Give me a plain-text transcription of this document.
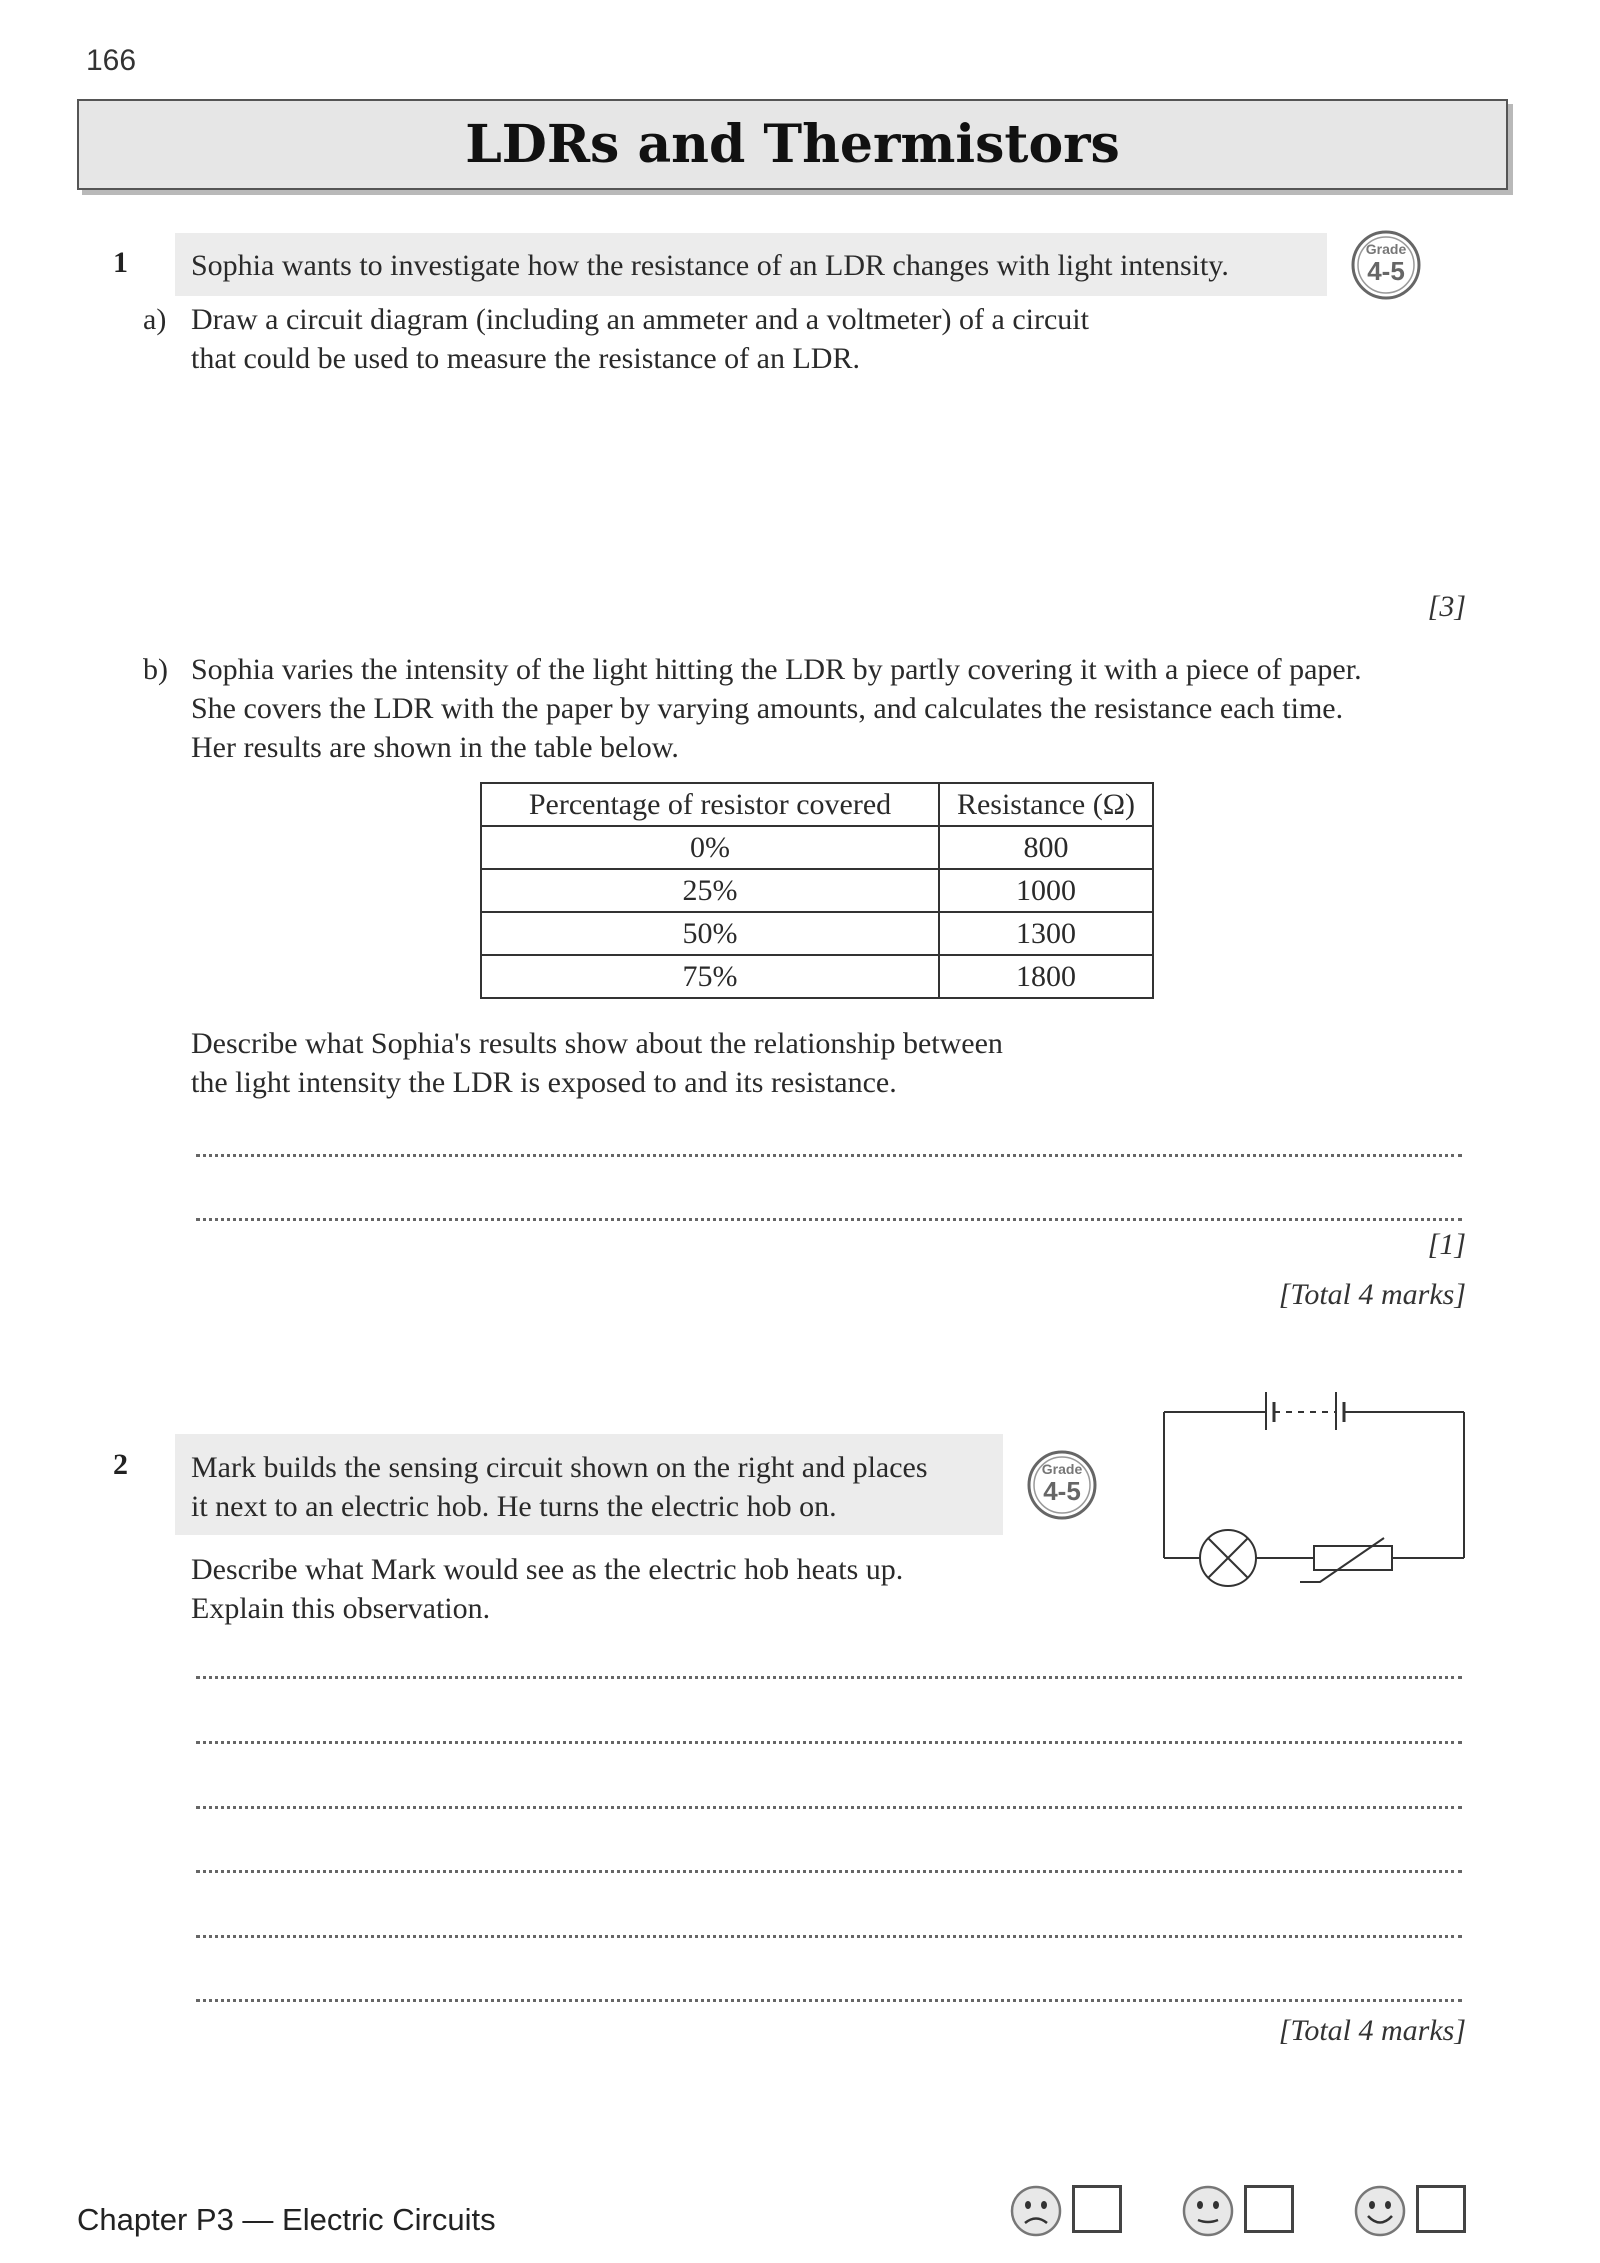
166
LDRs and Thermistors
1 Sophia wants to investigate how the resistance of an LDR changes with light intensity.	Grade
4-5
a) Draw a circuit diagram (including an ammeter and a voltmeter) of a circuit
that could be used to measure the resistance of an LDR.
[3]
b) Sophia varies the intensity of the light hitting the LDR by partly covering it with a piece of paper.
She covers the LDR with the paper by varying amounts, and calculates the resistance each time.
Her results are shown in the table below.
Percentage of resistor covered	Resistance (Ω)
0%	800
25%	1000
50%	1300
75%	1800
Describe what Sophia's results show about the relationship between
the light intensity the LDR is exposed to and its resistance.
[1]
[Total 4 marks]
2 Mark builds the sensing circuit shown on the right and places
it next to an electric hob. He turns the electric hob on.
Grade
4-5
Describe what Mark would see as the electric hob heats up.
Explain this observation.
[Total 4 marks]
Chapter P3 — Electric Circuits
